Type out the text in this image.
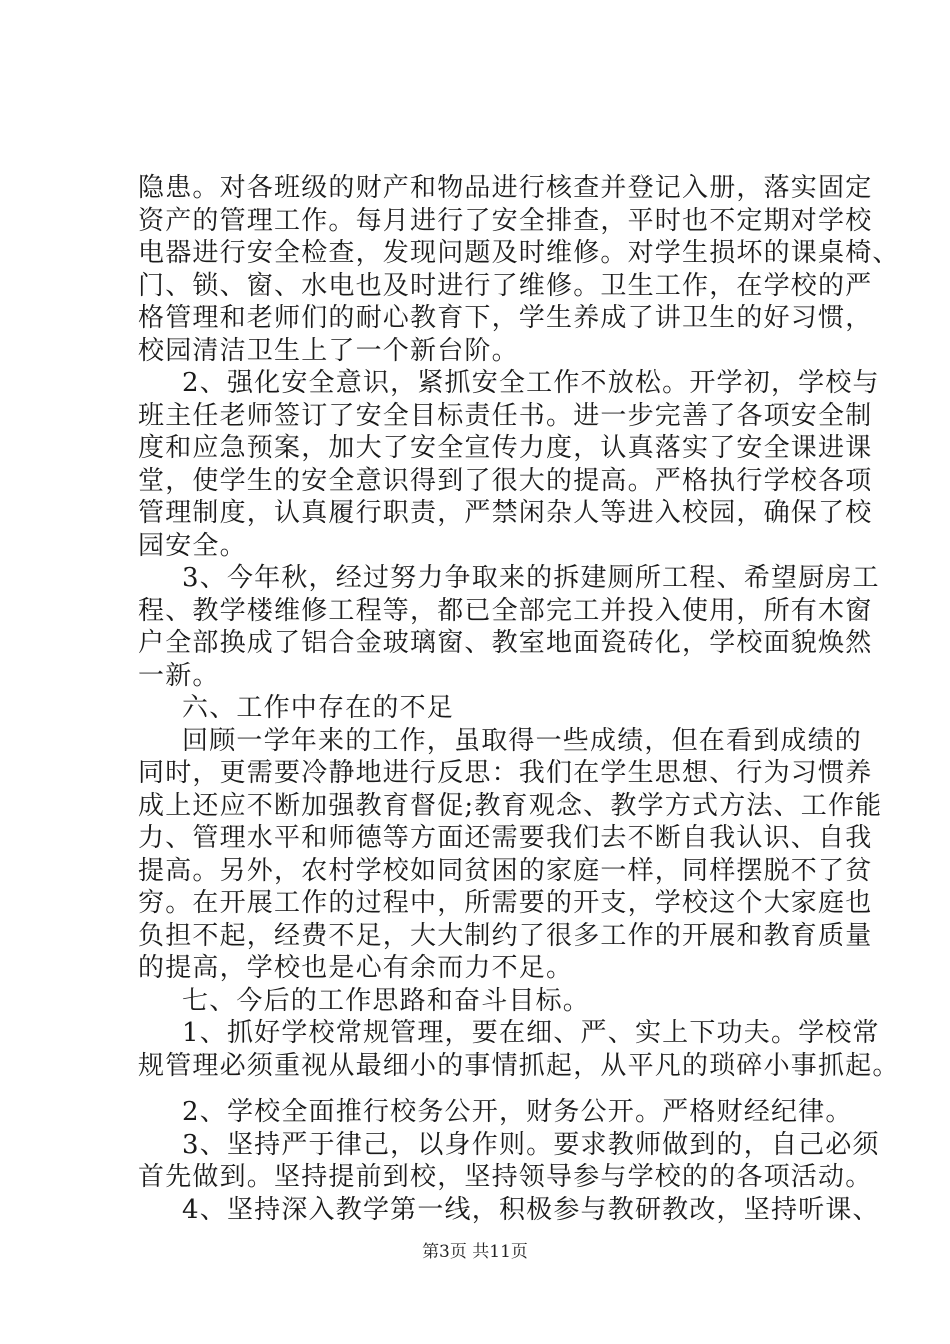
隐患。对各班级的财产和物品进行核查并登记入册，落实固定
资产的管理工作。每月进行了安全排查，平时也不定期对学校
电器进行安全检查，发现问题及时维修。对学生损坏的课桌椅、
门、锁、窗、水电也及时进行了维修。卫生工作，在学校的严
格管理和老师们的耐心教育下，学生养成了讲卫生的好习惯，
校园清洁卫生上了一个新台阶。
2、强化安全意识，紧抓安全工作不放松。开学初，学校与
班主任老师签订了安全目标责任书。进一步完善了各项安全制
度和应急预案，加大了安全宣传力度，认真落实了安全课进课
堂，使学生的安全意识得到了很大的提高。严格执行学校各项
管理制度，认真履行职责，严禁闲杂人等进入校园，确保了校
园安全。
3、今年秋，经过努力争取来的拆建厕所工程、希望厨房工
程、教学楼维修工程等，都已全部完工并投入使用，所有木窗
户全部换成了铝合金玻璃窗、教室地面瓷砖化，学校面貌焕然
一新。
六、工作中存在的不足
回顾一学年来的工作，虽取得一些成绩，但在看到成绩的
同时，更需要冷静地进行反思：我们在学生思想、行为习惯养
成上还应不断加强教育督促;教育观念、教学方式方法、工作能
力、管理水平和师德等方面还需要我们去不断自我认识、自我
提高。另外，农村学校如同贫困的家庭一样，同样摆脱不了贫
穷。在开展工作的过程中，所需要的开支，学校这个大家庭也
负担不起，经费不足，大大制约了很多工作的开展和教育质量
的提高，学校也是心有余而力不足。
七、今后的工作思路和奋斗目标。
1、抓好学校常规管理，要在细、严、实上下功夫。学校常
规管理必须重视从最细小的事情抓起，从平凡的琐碎小事抓起。
2、学校全面推行校务公开，财务公开。严格财经纪律。
第3页 共11页
3、坚持严于律己，以身作则。要求教师做到的，自己必须
首先做到。坚持提前到校，坚持领导参与学校的的各项活动。
4、坚持深入教学第一线，积极参与教研教改，坚持听课、
